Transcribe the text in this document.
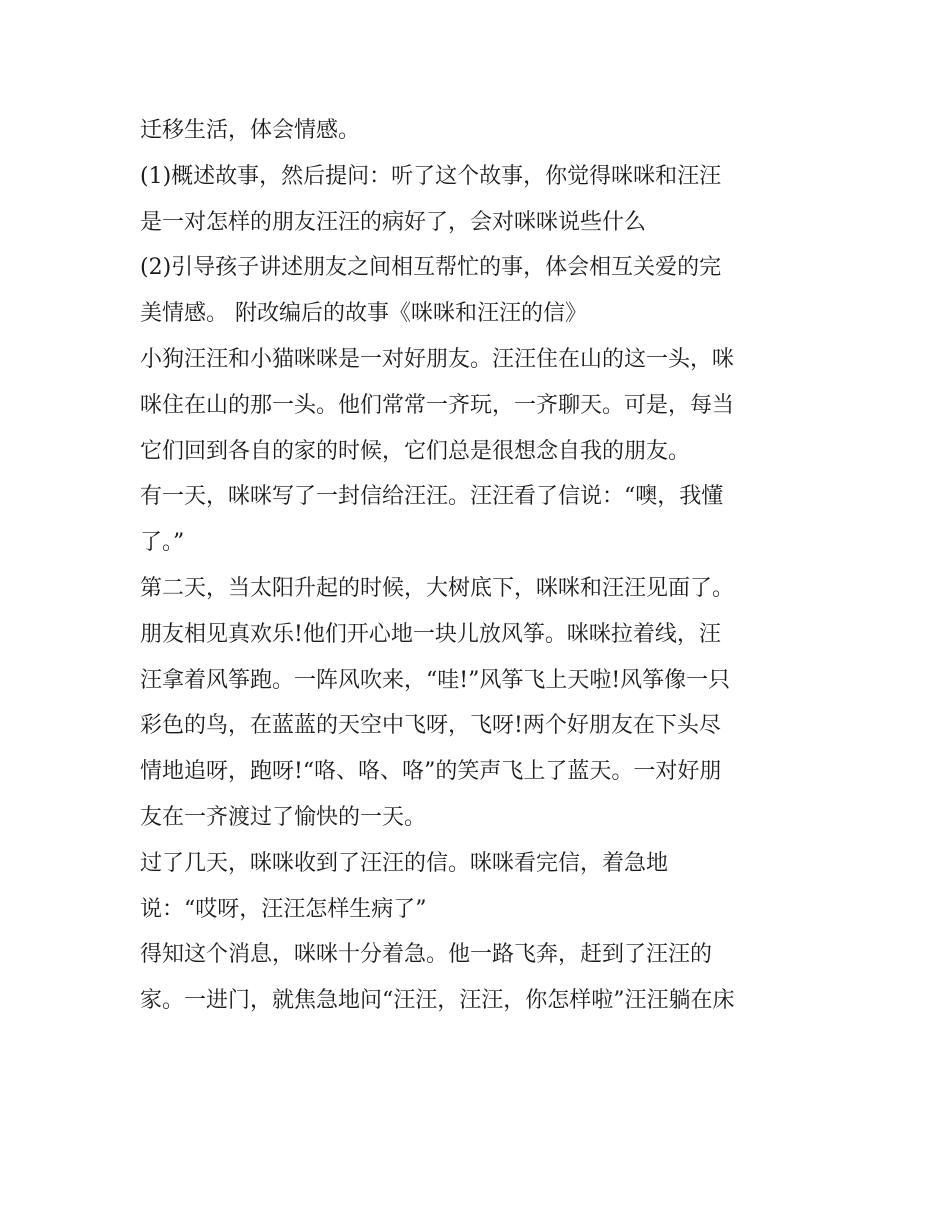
迁移生活，体会情感。
(1)概述故事，然后提问：听了这个故事，你觉得咪咪和汪汪
是一对怎样的朋友汪汪的病好了，会对咪咪说些什么
(2)引导孩子讲述朋友之间相互帮忙的事，体会相互关爱的完
美情感。 附改编后的故事《咪咪和汪汪的信》
小狗汪汪和小猫咪咪是一对好朋友。汪汪住在山的这一头，咪
咪住在山的那一头。他们常常一齐玩，一齐聊天。可是，每当
它们回到各自的家的时候，它们总是很想念自我的朋友。
有一天，咪咪写了一封信给汪汪。汪汪看了信说：“噢，我懂
了。”
第二天，当太阳升起的时候，大树底下，咪咪和汪汪见面了。
朋友相见真欢乐!他们开心地一块儿放风筝。咪咪拉着线，汪
汪拿着风筝跑。一阵风吹来，“哇!”风筝飞上天啦!风筝像一只
彩色的鸟，在蓝蓝的天空中飞呀，飞呀!两个好朋友在下头尽
情地追呀，跑呀!“咯、咯、咯”的笑声飞上了蓝天。一对好朋
友在一齐渡过了愉快的一天。
过了几天，咪咪收到了汪汪的信。咪咪看完信，着急地
说：“哎呀，汪汪怎样生病了”
得知这个消息，咪咪十分着急。他一路飞奔，赶到了汪汪的
家。一进门，就焦急地问“汪汪，汪汪，你怎样啦”汪汪躺在床
